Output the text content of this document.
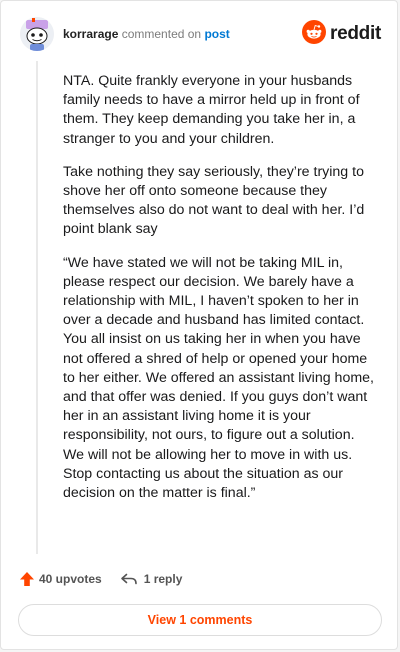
korrarage commented on post	reddit

NTA. Quite frankly everyone in your husbands family needs to have a mirror held up in front of them. They keep demanding you take her in, a stranger to you and your children.

Take nothing they say seriously, they’re trying to shove her off onto someone because they themselves also do not want to deal with her. I’d point blank say

“We have stated we will not be taking MIL in, please respect our decision. We barely have a relationship with MIL, I haven’t spoken to her in over a decade and husband has limited contact. You all insist on us taking her in when you have not offered a shred of help or opened your home to her either. We offered an assistant living home, and that offer was denied. If you guys don’t want her in an assistant living home it is your responsibility, not ours, to figure out a solution. We will not be allowing her to move in with us. Stop contacting us about the situation as our decision on the matter is final.”

40 upvotes	1 reply
View 1 comments
